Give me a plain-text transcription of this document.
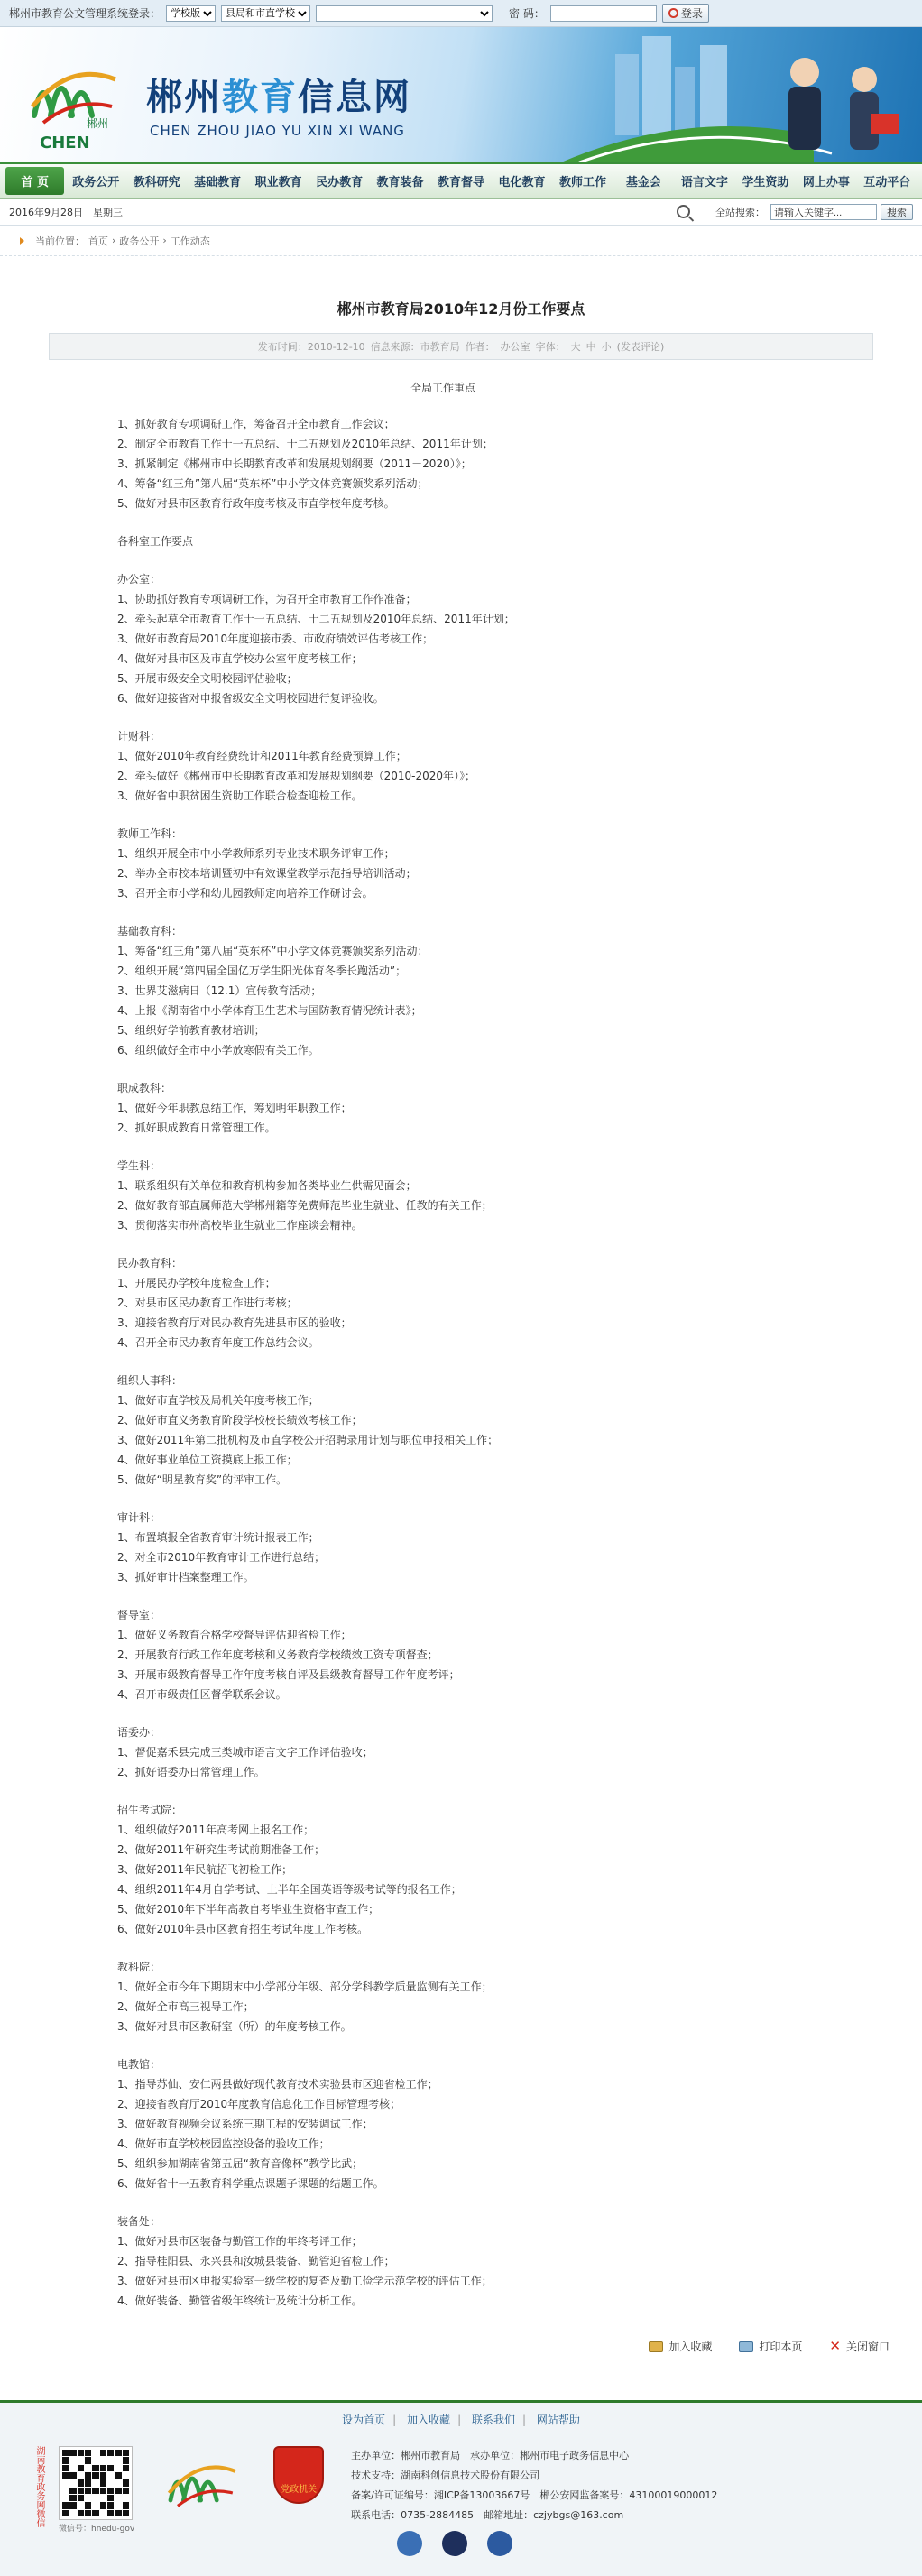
郴州市教育公文管理系统登录：
学校版
县局和市直学校	密 码：	登录
郴州
CHEN
郴州教育信息网
CHEN ZHOU JIAO YU XIN XI WANG
首 页	政务公开	教科研究	基础教育	职业教育	民办教育	教育装备	教育督导	电化教育	教师工作	基金会	语言文字	学生资助	网上办事	互动平台
2016年9月28日　星期三	全站搜索：
请输入关键字...	搜索
当前位置： 首页 › 政务公开 › 工作动态
郴州市教育局2010年12月份工作要点
发布时间：2010-12-10 信息来源：市教育局 作者： 办公室 字体： 大 中 小 (发表评论)

全局工作重点

1、抓好教育专项调研工作，筹备召开全市教育工作会议；

2、制定全市教育工作十一五总结、十二五规划及2010年总结、2011年计划；

3、抓紧制定《郴州市中长期教育改革和发展规划纲要（2011－2020）》；

4、筹备“红三角”第八届“英东杯”中小学文体竞赛颁奖系列活动；

5、做好对县市区教育行政年度考核及市直学校年度考核。

各科室工作要点

办公室：

1、协助抓好教育专项调研工作，为召开全市教育工作作准备；

2、牵头起草全市教育工作十一五总结、十二五规划及2010年总结、2011年计划；

3、做好市教育局2010年度迎接市委、市政府绩效评估考核工作；

4、做好对县市区及市直学校办公室年度考核工作；

5、开展市级安全文明校园评估验收；

6、做好迎接省对申报省级安全文明校园进行复评验收。

计财科：

1、做好2010年教育经费统计和2011年教育经费预算工作；

2、牵头做好《郴州市中长期教育改革和发展规划纲要（2010-2020年）》；

3、做好省中职贫困生资助工作联合检查迎检工作。

教师工作科：

1、组织开展全市中小学教师系列专业技术职务评审工作；

2、举办全市校本培训暨初中有效课堂教学示范指导培训活动；

3、召开全市小学和幼儿园教师定向培养工作研讨会。

基础教育科：

1、筹备“红三角”第八届“英东杯”中小学文体竞赛颁奖系列活动；

2、组织开展“第四届全国亿万学生阳光体育冬季长跑活动”；

3、世界艾滋病日（12.1）宣传教育活动；

4、上报《湖南省中小学体育卫生艺术与国防教育情况统计表》；

5、组织好学前教育教材培训；

6、组织做好全市中小学放寒假有关工作。

职成教科：

1、做好今年职教总结工作，筹划明年职教工作；

2、抓好职成教育日常管理工作。

学生科：

1、联系组织有关单位和教育机构参加各类毕业生供需见面会；

2、做好教育部直属师范大学郴州籍等免费师范毕业生就业、任教的有关工作；

3、贯彻落实市州高校毕业生就业工作座谈会精神。

民办教育科：

1、开展民办学校年度检查工作；

2、对县市区民办教育工作进行考核；

3、迎接省教育厅对民办教育先进县市区的验收；

4、召开全市民办教育年度工作总结会议。

组织人事科：

1、做好市直学校及局机关年度考核工作；

2、做好市直义务教育阶段学校校长绩效考核工作；

3、做好2011年第二批机构及市直学校公开招聘录用计划与职位申报相关工作；

4、做好事业单位工资摸底上报工作；

5、做好“明星教育奖”的评审工作。

审计科：

1、布置填报全省教育审计统计报表工作；

2、对全市2010年教育审计工作进行总结；

3、抓好审计档案整理工作。

督导室：

1、做好义务教育合格学校督导评估迎省检工作；

2、开展教育行政工作年度考核和义务教育学校绩效工资专项督查；

3、开展市级教育督导工作年度考核自评及县级教育督导工作年度考评；

4、召开市级责任区督学联系会议。

语委办：

1、督促嘉禾县完成三类城市语言文字工作评估验收；

2、抓好语委办日常管理工作。

招生考试院：

1、组织做好2011年高考网上报名工作；

2、做好2011年研究生考试前期准备工作；

3、做好2011年民航招飞初检工作；

4、组织2011年4月自学考试、上半年全国英语等级考试等的报名工作；

5、做好2010年下半年高教自考毕业生资格审查工作；

6、做好2010年县市区教育招生考试年度工作考核。

教科院：

1、做好全市今年下期期末中小学部分年级、部分学科教学质量监测有关工作；

2、做好全市高三视导工作；

3、做好对县市区教研室（所）的年度考核工作。

电教馆：

1、指导苏仙、安仁两县做好现代教育技术实验县市区迎省检工作；

2、迎接省教育厅2010年度教育信息化工作目标管理考核；

3、做好教育视频会议系统三期工程的安装调试工作；

4、做好市直学校校园监控设备的验收工作；

5、组织参加湖南省第五届“教育音像杯”教学比武；

6、做好省十一五教育科学重点课题子课题的结题工作。

装备处：

1、做好对县市区装备与勤管工作的年终考评工作；

2、指导桂阳县、永兴县和汝城县装备、勤管迎省检工作；

3、做好对县市区申报实验室一级学校的复查及勤工俭学示范学校的评估工作；

4、做好装备、勤管省级年终统计及统计分析工作。

加入收藏	打印本页 ✕ 关闭窗口
设为首页 | 加入收藏 | 联系我们 | 网站帮助
湖南教育政务网微信
微信号：hnedu-gov
党政机关
主办单位：郴州市教育局　承办单位：郴州市电子政务信息中心
技术支持：湖南科创信息技术股份有限公司
备案/许可证编号：湘ICP备13003667号　郴公安网监备案号：43100019000012
联系电话：0735-2884485　邮箱地址：czjybgs@163.com
